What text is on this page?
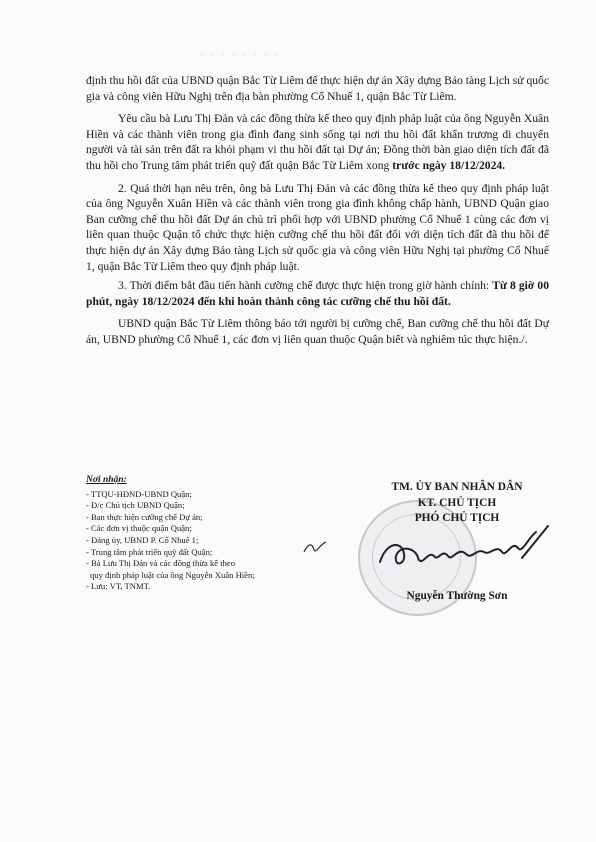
· · · · · · · ·

định thu hồi đất của UBND quận Bắc Từ Liêm để thực hiện dự án Xây dựng Bảo tàng Lịch sử quốc gia và công viên Hữu Nghị trên địa bàn phường Cổ Nhuế 1, quận Bắc Từ Liêm.

Yêu cầu bà Lưu Thị Đản và các đồng thừa kế theo quy định pháp luật của ông Nguyễn Xuân Hiền và các thành viên trong gia đình đang sinh sống tại nơi thu hồi đất khẩn trương di chuyển người và tài sản trên đất ra khỏi phạm vi thu hồi đất tại Dự án; Đồng thời bàn giao diện tích đất đã thu hồi cho Trung tâm phát triển quỹ đất quận Bắc Từ Liêm xong trước ngày 18/12/2024.

2. Quá thời hạn nêu trên, ông bà Lưu Thị Đản và các đồng thừa kế theo quy định pháp luật của ông Nguyễn Xuân Hiền và các thành viên trong gia đình không chấp hành, UBND Quận giao Ban cưỡng chế thu hồi đất Dự án chủ trì phối hợp với UBND phường Cổ Nhuế 1 cùng các đơn vị liên quan thuộc Quận tổ chức thực hiện cưỡng chế thu hồi đất đối với diện tích đất đã thu hồi để thực hiện dự án Xây dựng Bảo tàng Lịch sử quốc gia và công viên Hữu Nghị tại phường Cổ Nhuế 1, quận Bắc Từ Liêm theo quy định pháp luật.

3. Thời điểm bắt đầu tiến hành cưỡng chế được thực hiện trong giờ hành chính: Từ 8 giờ 00 phút, ngày 18/12/2024 đến khi hoàn thành công tác cưỡng chế thu hồi đất.

UBND quận Bắc Từ Liêm thông báo tới người bị cưỡng chế, Ban cưỡng chế thu hồi đất Dự án, UBND phường Cổ Nhuế 1, các đơn vị liên quan thuộc Quận biết và nghiêm túc thực hiện./.

Nơi nhận:
- TTQU-HĐND-UBND Quận;
- Đ/c Chủ tịch UBND Quận;
- Ban thực hiện cưỡng chế Dự án;
- Các đơn vị thuộc quận Quận;
- Đảng ủy, UBND P. Cổ Nhuế 1;
- Trung tâm phát triển quỹ đất Quận;
- Bà Lưu Thị Đản và các đồng thừa kế theo
quy định pháp luật của ông Nguyễn Xuân Hiền;
- Lưu: VT, TNMT.
TM. ỦY BAN NHÂN DÂN
KT. CHỦ TỊCH
PHÓ CHỦ TỊCH
Nguyễn Thường Sơn
